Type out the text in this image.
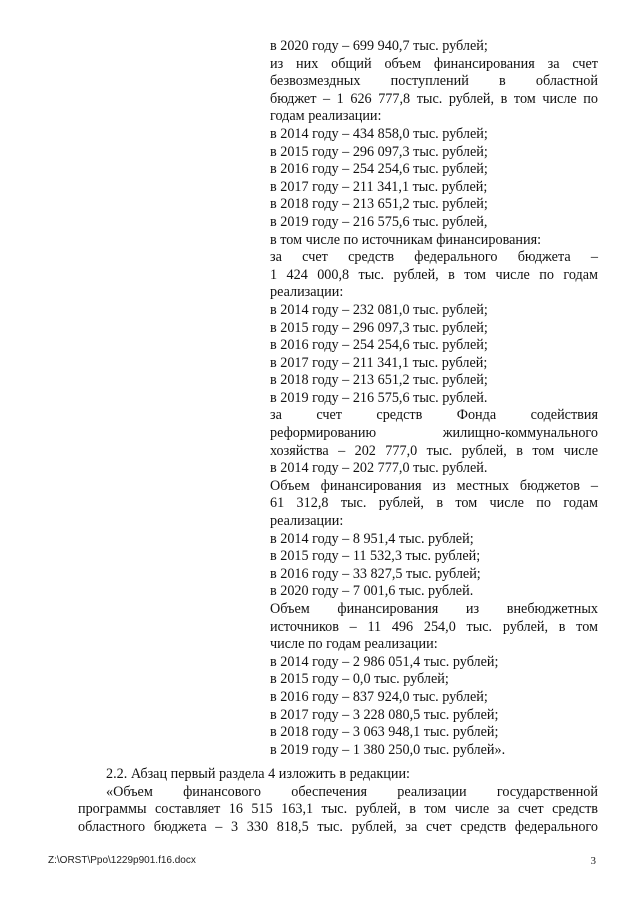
в 2020 году – 699 940,7 тыс. рублей;
из них общий объем финансирования за счет
безвозмездных поступлений в областной
бюджет – 1 626 777,8 тыс. рублей, в том числе по
годам реализации:
в 2014 году – 434 858,0 тыс. рублей;
в 2015 году – 296 097,3 тыс. рублей;
в 2016 году – 254 254,6 тыс. рублей;
в 2017 году – 211 341,1 тыс. рублей;
в 2018 году – 213 651,2 тыс. рублей;
в 2019 году – 216 575,6 тыс. рублей,
в том числе по источникам финансирования:
за счет средств федерального бюджета –
1 424 000,8 тыс. рублей, в том числе по годам
реализации:
в 2014 году – 232 081,0 тыс. рублей;
в 2015 году – 296 097,3 тыс. рублей;
в 2016 году – 254 254,6 тыс. рублей;
в 2017 году – 211 341,1 тыс. рублей;
в 2018 году – 213 651,2 тыс. рублей;
в 2019 году – 216 575,6 тыс. рублей.
за счет средств Фонда содействия
реформированию жилищно-коммунального
хозяйства – 202 777,0 тыс. рублей, в том числе
в 2014 году – 202 777,0 тыс. рублей.
Объем финансирования из местных бюджетов –
61 312,8 тыс. рублей, в том числе по годам
реализации:
в 2014 году – 8 951,4 тыс. рублей;
в 2015 году – 11 532,3 тыс. рублей;
в 2016 году – 33 827,5 тыс. рублей;
в 2020 году – 7 001,6 тыс. рублей.
Объем финансирования из внебюджетных
источников – 11 496 254,0 тыс. рублей, в том
числе по годам реализации:
в 2014 году – 2 986 051,4 тыс. рублей;
в 2015 году – 0,0 тыс. рублей;
в 2016 году – 837 924,0 тыс. рублей;
в 2017 году – 3 228 080,5 тыс. рублей;
в 2018 году – 3 063 948,1 тыс. рублей;
в 2019 году – 1 380 250,0 тыс. рублей».
2.2. Абзац первый раздела 4 изложить в редакции:
«Объем финансового обеспечения реализации государственной
программы составляет 16 515 163,1 тыс. рублей, в том числе за счет средств
областного бюджета – 3 330 818,5 тыс. рублей, за счет средств федерального
Z:\ORST\Ppo\1229p901.f16.docx	3
